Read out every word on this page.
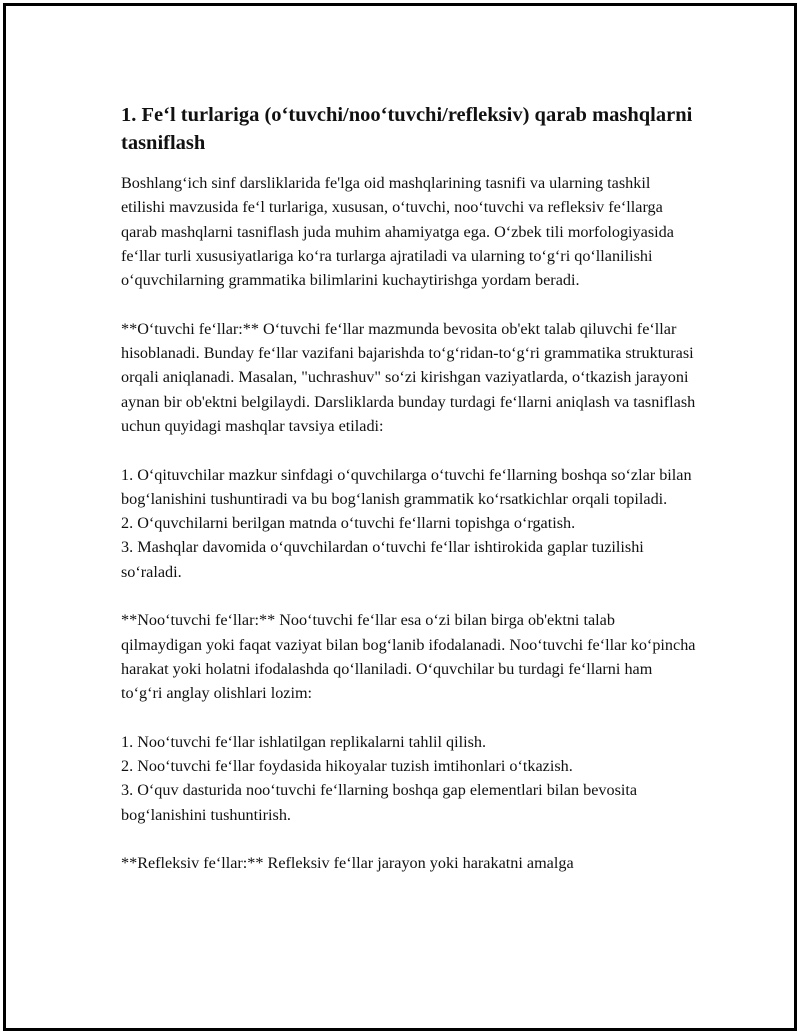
1. Fe‘l turlariga (o‘tuvchi/noo‘tuvchi/refleksiv) qarab mashqlarni tasniflash

Boshlang‘ich sinf darsliklarida fe'lga oid mashqlarining tasnifi va ularning tashkil etilishi mavzusida fe‘l turlariga, xususan, o‘tuvchi, noo‘tuvchi va refleksiv fe‘llarga qarab mashqlarni tasniflash juda muhim ahamiyatga ega. O‘zbek tili morfologiyasida fe‘llar turli xususiyatlariga ko‘ra turlarga ajratiladi va ularning to‘g‘ri qo‘llanilishi o‘quvchilarning grammatika bilimlarini kuchaytirishga yordam beradi.

**O‘tuvchi fe‘llar:** O‘tuvchi fe‘llar mazmunda bevosita ob'ekt talab qiluvchi fe‘llar hisoblanadi. Bunday fe‘llar vazifani bajarishda to‘g‘ridan-to‘g‘ri grammatika strukturasi orqali aniqlanadi. Masalan, "uchrashuv" so‘zi kirishgan vaziyatlarda, o‘tkazish jarayoni aynan bir ob'ektni belgilaydi. Darsliklarda bunday turdagi fe‘llarni aniqlash va tasniflash uchun quyidagi mashqlar tavsiya etiladi:

1. O‘qituvchilar mazkur sinfdagi o‘quvchilarga o‘tuvchi fe‘llarning boshqa so‘zlar bilan bog‘lanishini tushuntiradi va bu bog‘lanish grammatik ko‘rsatkichlar orqali topiladi.
2. O‘quvchilarni berilgan matnda o‘tuvchi fe‘llarni topishga o‘rgatish.
3. Mashqlar davomida o‘quvchilardan o‘tuvchi fe‘llar ishtirokida gaplar tuzilishi so‘raladi.

**Noo‘tuvchi fe‘llar:** Noo‘tuvchi fe‘llar esa o‘zi bilan birga ob'ektni talab qilmaydigan yoki faqat vaziyat bilan bog‘lanib ifodalanadi. Noo‘tuvchi fe‘llar ko‘pincha harakat yoki holatni ifodalashda qo‘llaniladi. O‘quvchilar bu turdagi fe‘llarni ham to‘g‘ri anglay olishlari lozim:

1. Noo‘tuvchi fe‘llar ishlatilgan replikalarni tahlil qilish.
2. Noo‘tuvchi fe‘llar foydasida hikoyalar tuzish imtihonlari o‘tkazish.
3. O‘quv dasturida noo‘tuvchi fe‘llarning boshqa gap elementlari bilan bevosita bog‘lanishini tushuntirish.

**Refleksiv fe‘llar:** Refleksiv fe‘llar jarayon yoki harakatni amalga
